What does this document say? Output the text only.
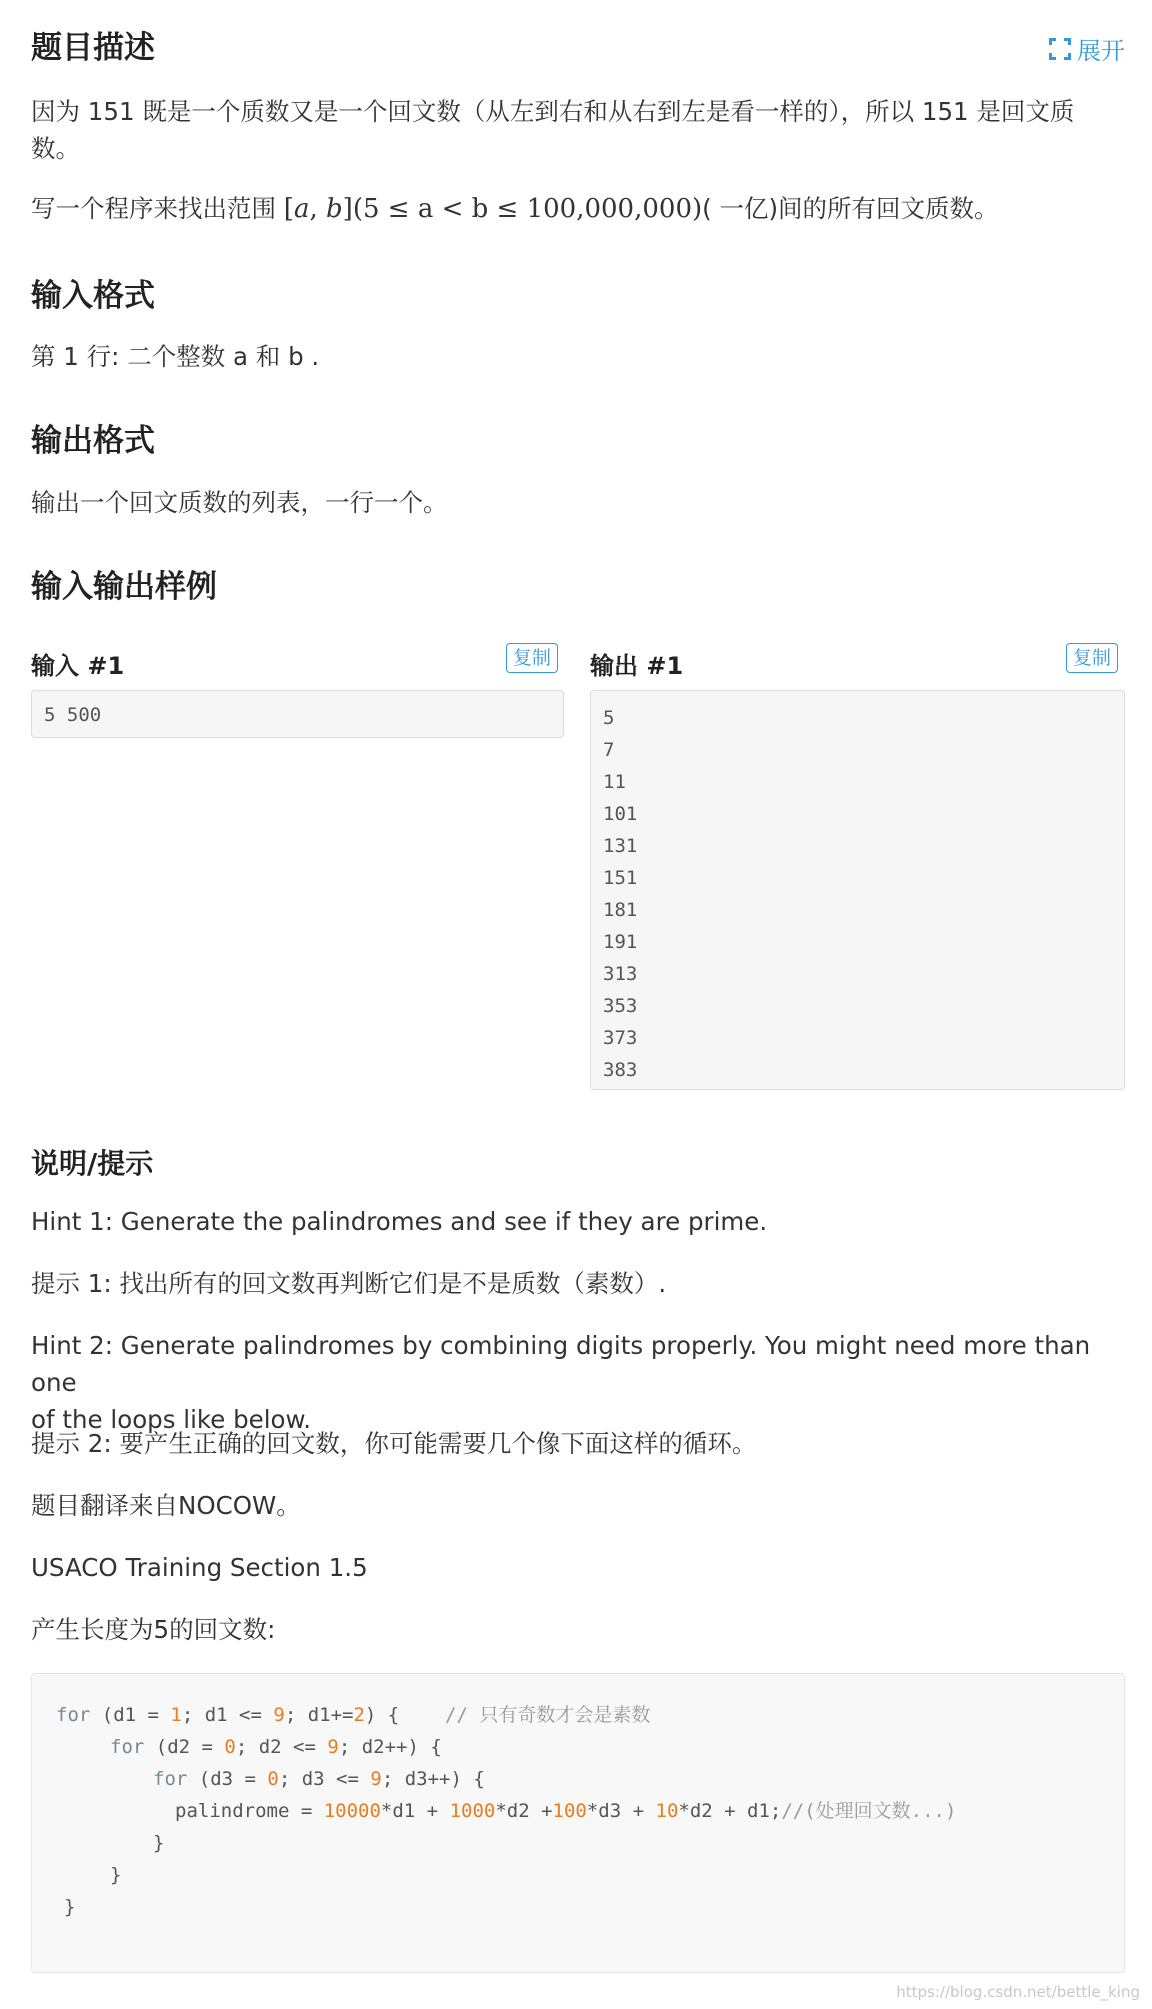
题目描述	展开
因为 151 既是一个质数又是一个回文数（从左到右和从右到左是看一样的），所以 151 是回文质
数。
写一个程序来找出范围 [a, b](5 ≤ a < b ≤ 100,000,000)( 一亿)间的所有回文质数。
输入格式
第 1 行: 二个整数 a 和 b .
输出格式
输出一个回文质数的列表，一行一个。
输入输出样例
输入 #1	复制
5 500
输出 #1	复制
5
7
11
101
131
151
181
191
313
353
373
383
说明/提示
Hint 1: Generate the palindromes and see if they are prime.
提示 1: 找出所有的回文数再判断它们是不是质数（素数）.
Hint 2: Generate palindromes by combining digits properly. You might need more than one
of the loops like below.
提示 2: 要产生正确的回文数，你可能需要几个像下面这样的循环。
题目翻译来自NOCOW。
USACO Training Section 1.5
产生长度为5的回文数:
for (d1 = 1; d1 <= 9; d1+=2) {    // 只有奇数才会是素数
for (d2 = 0; d2 <= 9; d2++) {
for (d3 = 0; d3 <= 9; d3++) {
palindrome = 10000*d1 + 1000*d2 +100*d3 + 10*d2 + d1;//(处理回文数...)
}
}
}
https://blog.csdn.net/bettle_king
